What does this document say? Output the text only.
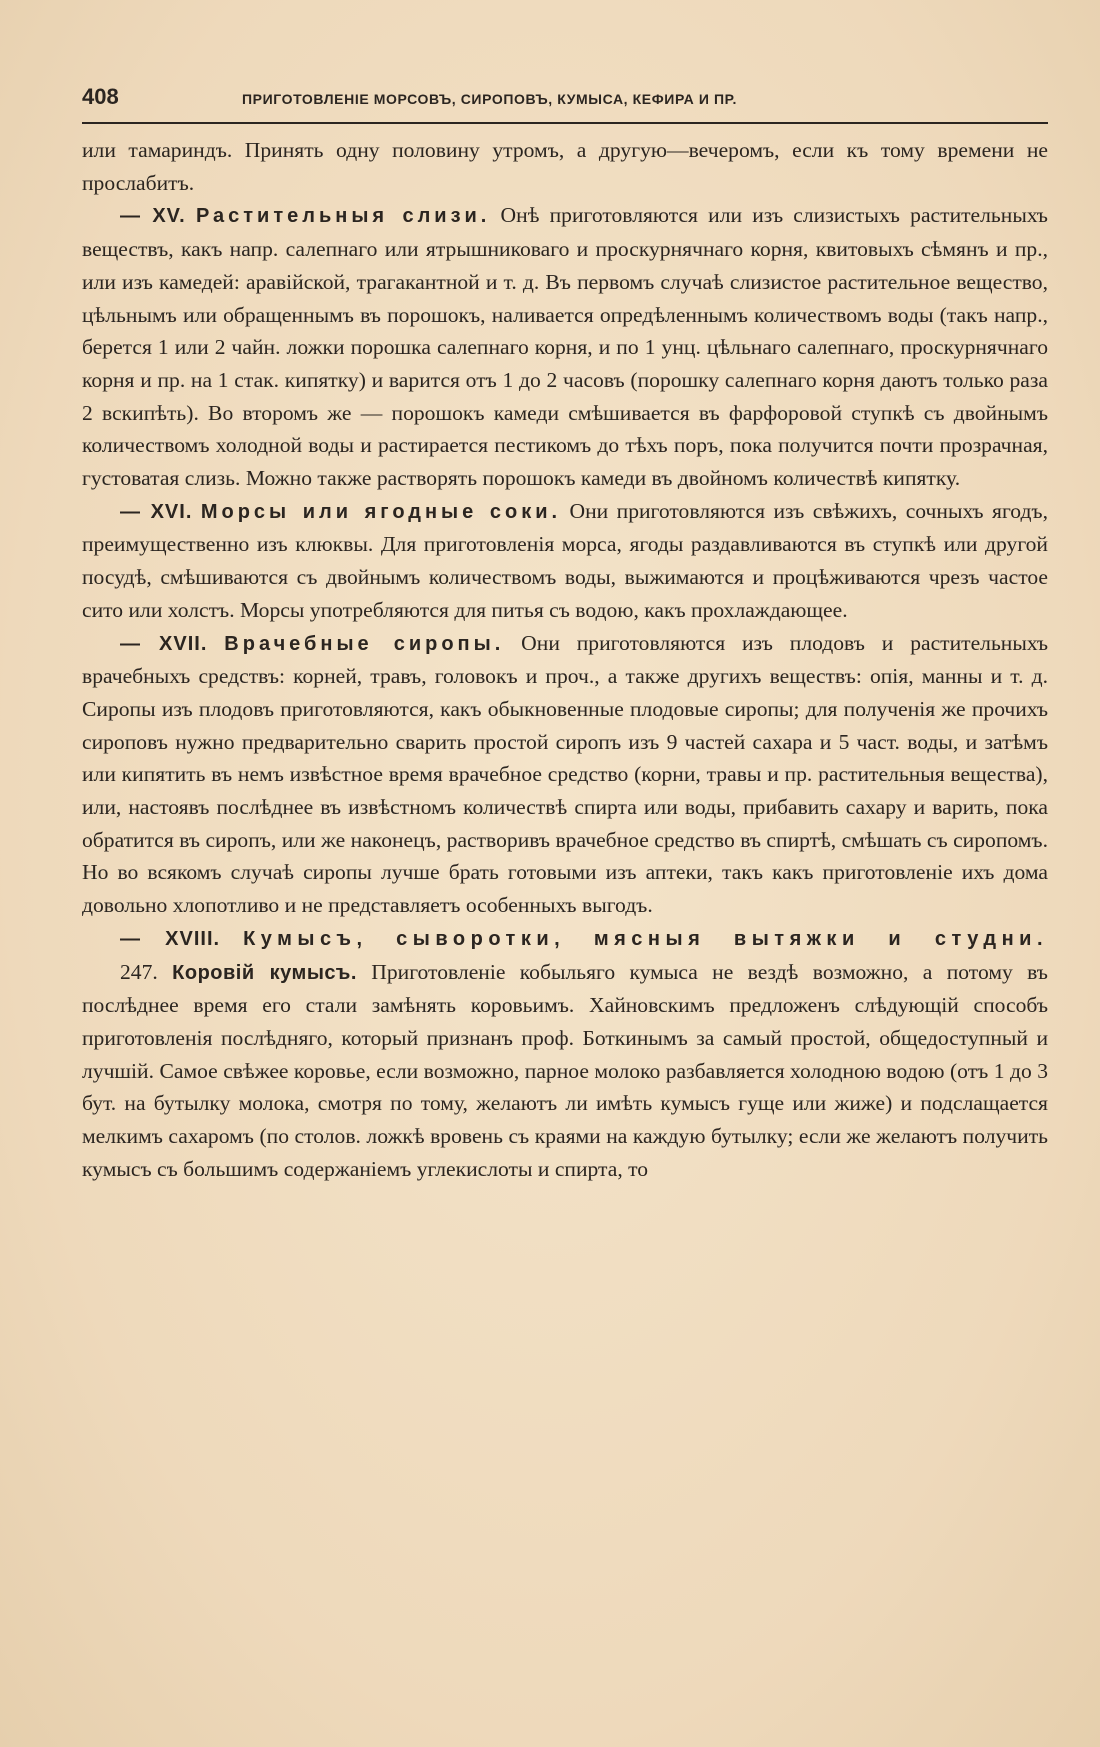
408	ПРИГОТОВЛЕНІЕ МОРСОВЪ, СИРОПОВЪ, КУМЫСА, КЕФИРА И ПР.

или тамариндъ. Принять одну половину утромъ, а другую—вечеромъ, если къ тому времени не прослабитъ.

— XV. Растительныя слизи. Онѣ приготовляются или изъ слизистыхъ растительныхъ веществъ, какъ напр. салепнаго или ятрышниковаго и проскурнячнаго корня, квитовыхъ сѣмянъ и пр., или изъ камедей: аравійской, трагакантной и т. д. Въ первомъ случаѣ слизистое растительное вещество, цѣльнымъ или обращеннымъ въ порошокъ, наливается опредѣленнымъ количествомъ воды (такъ напр., берется 1 или 2 чайн. ложки порошка салепнаго корня, и по 1 унц. цѣльнаго салепнаго, проскурнячнаго корня и пр. на 1 стак. кипятку) и варится отъ 1 до 2 часовъ (порошку салепнаго корня даютъ только раза 2 вскипѣть). Во второмъ же — порошокъ камеди смѣшивается въ фарфоровой ступкѣ съ двойнымъ количествомъ холодной воды и растирается пестикомъ до тѣхъ поръ, пока получится почти прозрачная, густоватая слизь. Можно также растворять порошокъ камеди въ двойномъ количествѣ кипятку.

— XVI. Морсы или ягодные соки. Они приготовляются изъ свѣжихъ, сочныхъ ягодъ, преимущественно изъ клюквы. Для приготовленія морса, ягоды раздавливаются въ ступкѣ или другой посудѣ, смѣшиваются съ двойнымъ количествомъ воды, выжимаются и процѣживаются чрезъ частое сито или холстъ. Морсы употребляются для питья съ водою, какъ прохлаждающее.

— XVII. Врачебные сиропы. Они приготовляются изъ плодовъ и растительныхъ врачебныхъ средствъ: корней, травъ, головокъ и проч., а также другихъ веществъ: опія, манны и т. д. Сиропы изъ плодовъ приготовляются, какъ обыкновенные плодовые сиропы; для полученія же прочихъ сироповъ нужно предварительно сварить простой сиропъ изъ 9 частей сахара и 5 част. воды, и затѣмъ или кипятить въ немъ извѣстное время врачебное средство (корни, травы и пр. растительныя вещества), или, настоявъ послѣднее въ извѣстномъ количествѣ спирта или воды, прибавить сахару и варить, пока обратится въ сиропъ, или же наконецъ, растворивъ врачебное средство въ спиртѣ, смѣшать съ сиропомъ. Но во всякомъ случаѣ сиропы лучше брать готовыми изъ аптеки, такъ какъ приготовленіе ихъ дома довольно хлопотливо и не представляетъ особенныхъ выгодъ.

— XVIII. Кумысъ, сыворотки, мясныя вытяжки и студни.

247. Коровій кумысъ. Приготовленіе кобыльяго кумыса не вездѣ возможно, а потому въ послѣднее время его стали замѣнять коровьимъ. Хайновскимъ предложенъ слѣдующій способъ приготовленія послѣдняго, который признанъ проф. Боткинымъ за самый простой, общедоступный и лучшій. Самое свѣжее коровье, если возможно, парное молоко разбавляется холодною водою (отъ 1 до 3 бут. на бутылку молока, смотря по тому, желаютъ ли имѣть кумысъ гуще или жиже) и подслащается мелкимъ сахаромъ (по столов. ложкѣ вровень съ краями на каждую бутылку; если же желаютъ получить кумысъ съ большимъ содержаніемъ углекислоты и спирта, то
